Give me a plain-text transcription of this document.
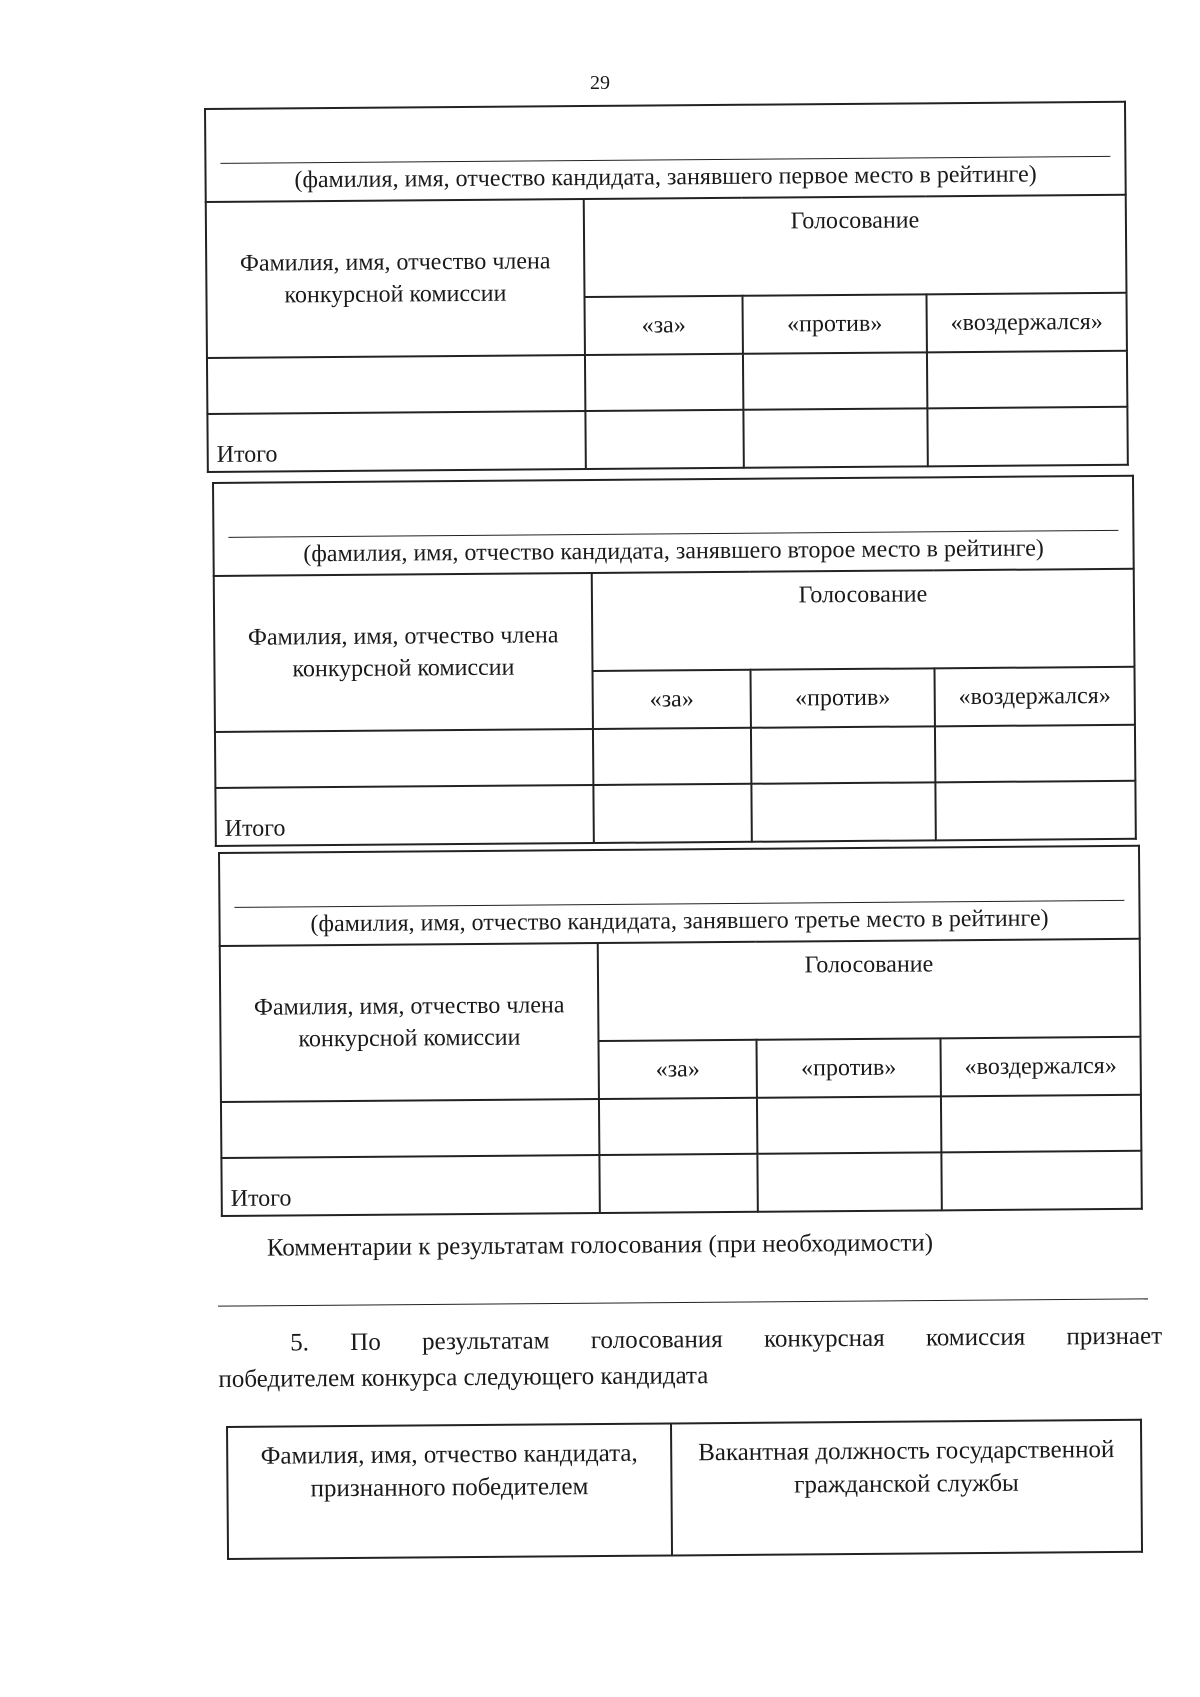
29
(фамилия, имя, отчество кандидата, занявшего первое место в рейтинге)			

Фамилия, имя, отчество члена конкурсной комиссии	Голосование		
	«за»	«против»	«воздержался»

Итого			
(фамилия, имя, отчество кандидата, занявшего второе место в рейтинге)			

Фамилия, имя, отчество члена конкурсной комиссии	Голосование		
	«за»	«против»	«воздержался»

Итого			
(фамилия, имя, отчество кандидата, занявшего третье место в рейтинге)			

Фамилия, имя, отчество члена конкурсной комиссии	Голосование		
	«за»	«против»	«воздержался»

Итого			
Комментарии к результатам голосования (при необходимости)
5. По результатам голосования конкурсная комиссия признает
победителем конкурса следующего кандидата
Фамилия, имя, отчество кандидата, признанного победителем	Вакантная должность государственной гражданской службы
